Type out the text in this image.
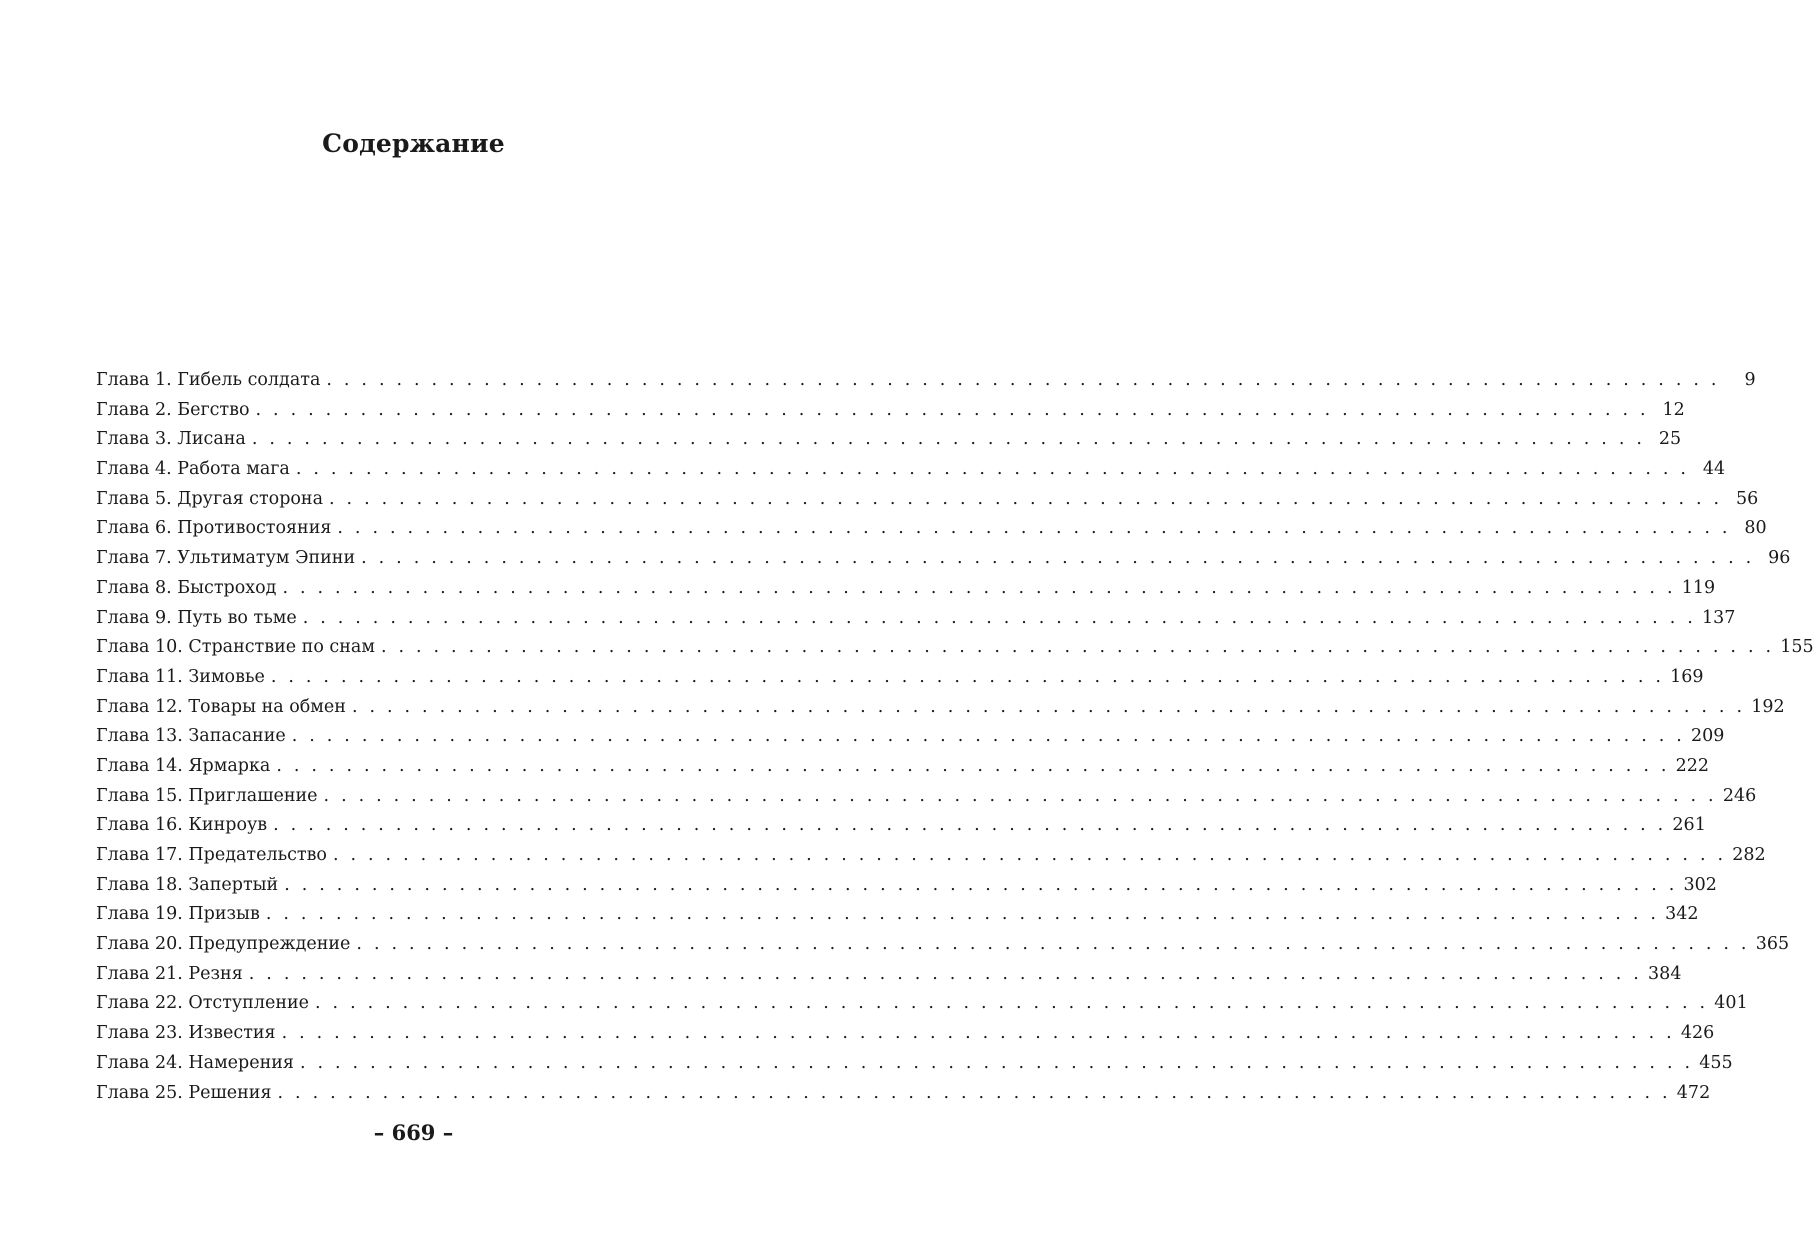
Содержание
Глава 1. Гибель солдата . . . . . . . . . . . . . . . . . . . . . . . . . . . . . . . . . . . . . . . . . . . . . . . . . . . . . . . . . . . . . . . . . . . . . . . . . . . . . . . .	9
Глава 2. Бегство . . . . . . . . . . . . . . . . . . . . . . . . . . . . . . . . . . . . . . . . . . . . . . . . . . . . . . . . . . . . . . . . . . . . . . . . . . . . . . . . 12
Глава 3. Лисана . . . . . . . . . . . . . . . . . . . . . . . . . . . . . . . . . . . . . . . . . . . . . . . . . . . . . . . . . . . . . . . . . . . . . . . . . . . . . . . . 25
Глава 4. Работа мага . . . . . . . . . . . . . . . . . . . . . . . . . . . . . . . . . . . . . . . . . . . . . . . . . . . . . . . . . . . . . . . . . . . . . . . . . . . . . . . . 44
Глава 5. Другая сторона . . . . . . . . . . . . . . . . . . . . . . . . . . . . . . . . . . . . . . . . . . . . . . . . . . . . . . . . . . . . . . . . . . . . . . . . . . . . . . . . 56
Глава 6. Противостояния . . . . . . . . . . . . . . . . . . . . . . . . . . . . . . . . . . . . . . . . . . . . . . . . . . . . . . . . . . . . . . . . . . . . . . . . . . . . . . . . 80
Глава 7. Ультиматум Эпини . . . . . . . . . . . . . . . . . . . . . . . . . . . . . . . . . . . . . . . . . . . . . . . . . . . . . . . . . . . . . . . . . . . . . . . . . . . . . . . . 96
Глава 8. Быстроход . . . . . . . . . . . . . . . . . . . . . . . . . . . . . . . . . . . . . . . . . . . . . . . . . . . . . . . . . . . . . . . . . . . . . . . . . . . . . . . . 119
Глава 9. Путь во тьме . . . . . . . . . . . . . . . . . . . . . . . . . . . . . . . . . . . . . . . . . . . . . . . . . . . . . . . . . . . . . . . . . . . . . . . . . . . . . . . . 137
Глава 10. Странствие по снам . . . . . . . . . . . . . . . . . . . . . . . . . . . . . . . . . . . . . . . . . . . . . . . . . . . . . . . . . . . . . . . . . . . . . . . . . . . . . . . . 155
Глава 11. Зимовье . . . . . . . . . . . . . . . . . . . . . . . . . . . . . . . . . . . . . . . . . . . . . . . . . . . . . . . . . . . . . . . . . . . . . . . . . . . . . . . . 169
Глава 12. Товары на обмен . . . . . . . . . . . . . . . . . . . . . . . . . . . . . . . . . . . . . . . . . . . . . . . . . . . . . . . . . . . . . . . . . . . . . . . . . . . . . . . . 192
Глава 13. Запасание . . . . . . . . . . . . . . . . . . . . . . . . . . . . . . . . . . . . . . . . . . . . . . . . . . . . . . . . . . . . . . . . . . . . . . . . . . . . . . . . 209
Глава 14. Ярмарка . . . . . . . . . . . . . . . . . . . . . . . . . . . . . . . . . . . . . . . . . . . . . . . . . . . . . . . . . . . . . . . . . . . . . . . . . . . . . . . . 222
Глава 15. Приглашение . . . . . . . . . . . . . . . . . . . . . . . . . . . . . . . . . . . . . . . . . . . . . . . . . . . . . . . . . . . . . . . . . . . . . . . . . . . . . . . . 246
Глава 16. Кинроув . . . . . . . . . . . . . . . . . . . . . . . . . . . . . . . . . . . . . . . . . . . . . . . . . . . . . . . . . . . . . . . . . . . . . . . . . . . . . . . . 261
Глава 17. Предательство . . . . . . . . . . . . . . . . . . . . . . . . . . . . . . . . . . . . . . . . . . . . . . . . . . . . . . . . . . . . . . . . . . . . . . . . . . . . . . . . 282
Глава 18. Запертый . . . . . . . . . . . . . . . . . . . . . . . . . . . . . . . . . . . . . . . . . . . . . . . . . . . . . . . . . . . . . . . . . . . . . . . . . . . . . . . . 302
Глава 19. Призыв . . . . . . . . . . . . . . . . . . . . . . . . . . . . . . . . . . . . . . . . . . . . . . . . . . . . . . . . . . . . . . . . . . . . . . . . . . . . . . . . 342
Глава 20. Предупреждение . . . . . . . . . . . . . . . . . . . . . . . . . . . . . . . . . . . . . . . . . . . . . . . . . . . . . . . . . . . . . . . . . . . . . . . . . . . . . . . . 365
Глава 21. Резня . . . . . . . . . . . . . . . . . . . . . . . . . . . . . . . . . . . . . . . . . . . . . . . . . . . . . . . . . . . . . . . . . . . . . . . . . . . . . . . . 384
Глава 22. Отступление . . . . . . . . . . . . . . . . . . . . . . . . . . . . . . . . . . . . . . . . . . . . . . . . . . . . . . . . . . . . . . . . . . . . . . . . . . . . . . . . 401
Глава 23. Известия . . . . . . . . . . . . . . . . . . . . . . . . . . . . . . . . . . . . . . . . . . . . . . . . . . . . . . . . . . . . . . . . . . . . . . . . . . . . . . . . 426
Глава 24. Намерения . . . . . . . . . . . . . . . . . . . . . . . . . . . . . . . . . . . . . . . . . . . . . . . . . . . . . . . . . . . . . . . . . . . . . . . . . . . . . . . . 455
Глава 25. Решения . . . . . . . . . . . . . . . . . . . . . . . . . . . . . . . . . . . . . . . . . . . . . . . . . . . . . . . . . . . . . . . . . . . . . . . . . . . . . . . . 472
– 669 –
